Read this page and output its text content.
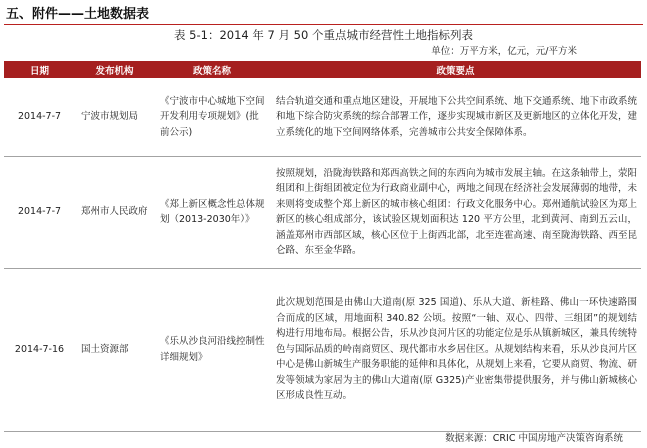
五、附件——土地数据表
表 5-1：2014 年 7 月 50 个重点城市经营性土地指标列表
单位：万平方米，亿元，元/平方米
日期	发布机构	政策名称	政策要点
2014-7-7	宁波市规划局	《宁波市中心城地下空间开发利用专项规划》(批前公示)	结合轨道交通和重点地区建设，开展地下公共空间系统、地下交通系统、地下市政系统和地下综合防灾系统的综合部署工作，逐步实现城市新区及更新地区的立体化开发，建立系统化的地下空间网络体系，完善城市公共安全保障体系。
2014-7-7	郑州市人民政府	《郑上新区概念性总体规划（2013-2030年）》	按照规划，沿陇海铁路和郑西高铁之间的东西向为城市发展主轴。在这条轴带上，荥阳组团和上街组团被定位为行政商业副中心，两地之间现在经济社会发展薄弱的地带，未来则将变成整个郑上新区的城市核心组团：行政文化服务中心。郑州通航试验区为郑上新区的核心组成部分，该试验区规划面积达 120 平方公里，北到黄河、南到五云山，涵盖郑州市西部区域，核心区位于上街西北部，北至连霍高速、南至陇海铁路、西至昆仑路、东至金华路。
2014-7-16	国土资源部	《乐从沙良河沿线控制性详细规划》	此次规划范围是由佛山大道南(原 325 国道)、乐从大道、新桂路、佛山一环快速路围合而成的区域，用地面积 340.82 公顷。按照“一轴、双心、四带、三组团”的规划结构进行用地布局。根据公告，乐从沙良河片区的功能定位是乐从镇新城区，兼具传统特色与国际品质的岭南商贸区、现代都市水乡居住区。从规划结构来看，乐从沙良河片区中心是佛山新城生产服务职能的延伸和具体化，从规划上来看，它要从商贸、物流、研发等领域为家居为主的佛山大道南(原 G325)产业密集带提供服务，并与佛山新城核心区形成良性互动。
数据来源：CRIC 中国房地产决策咨询系统
